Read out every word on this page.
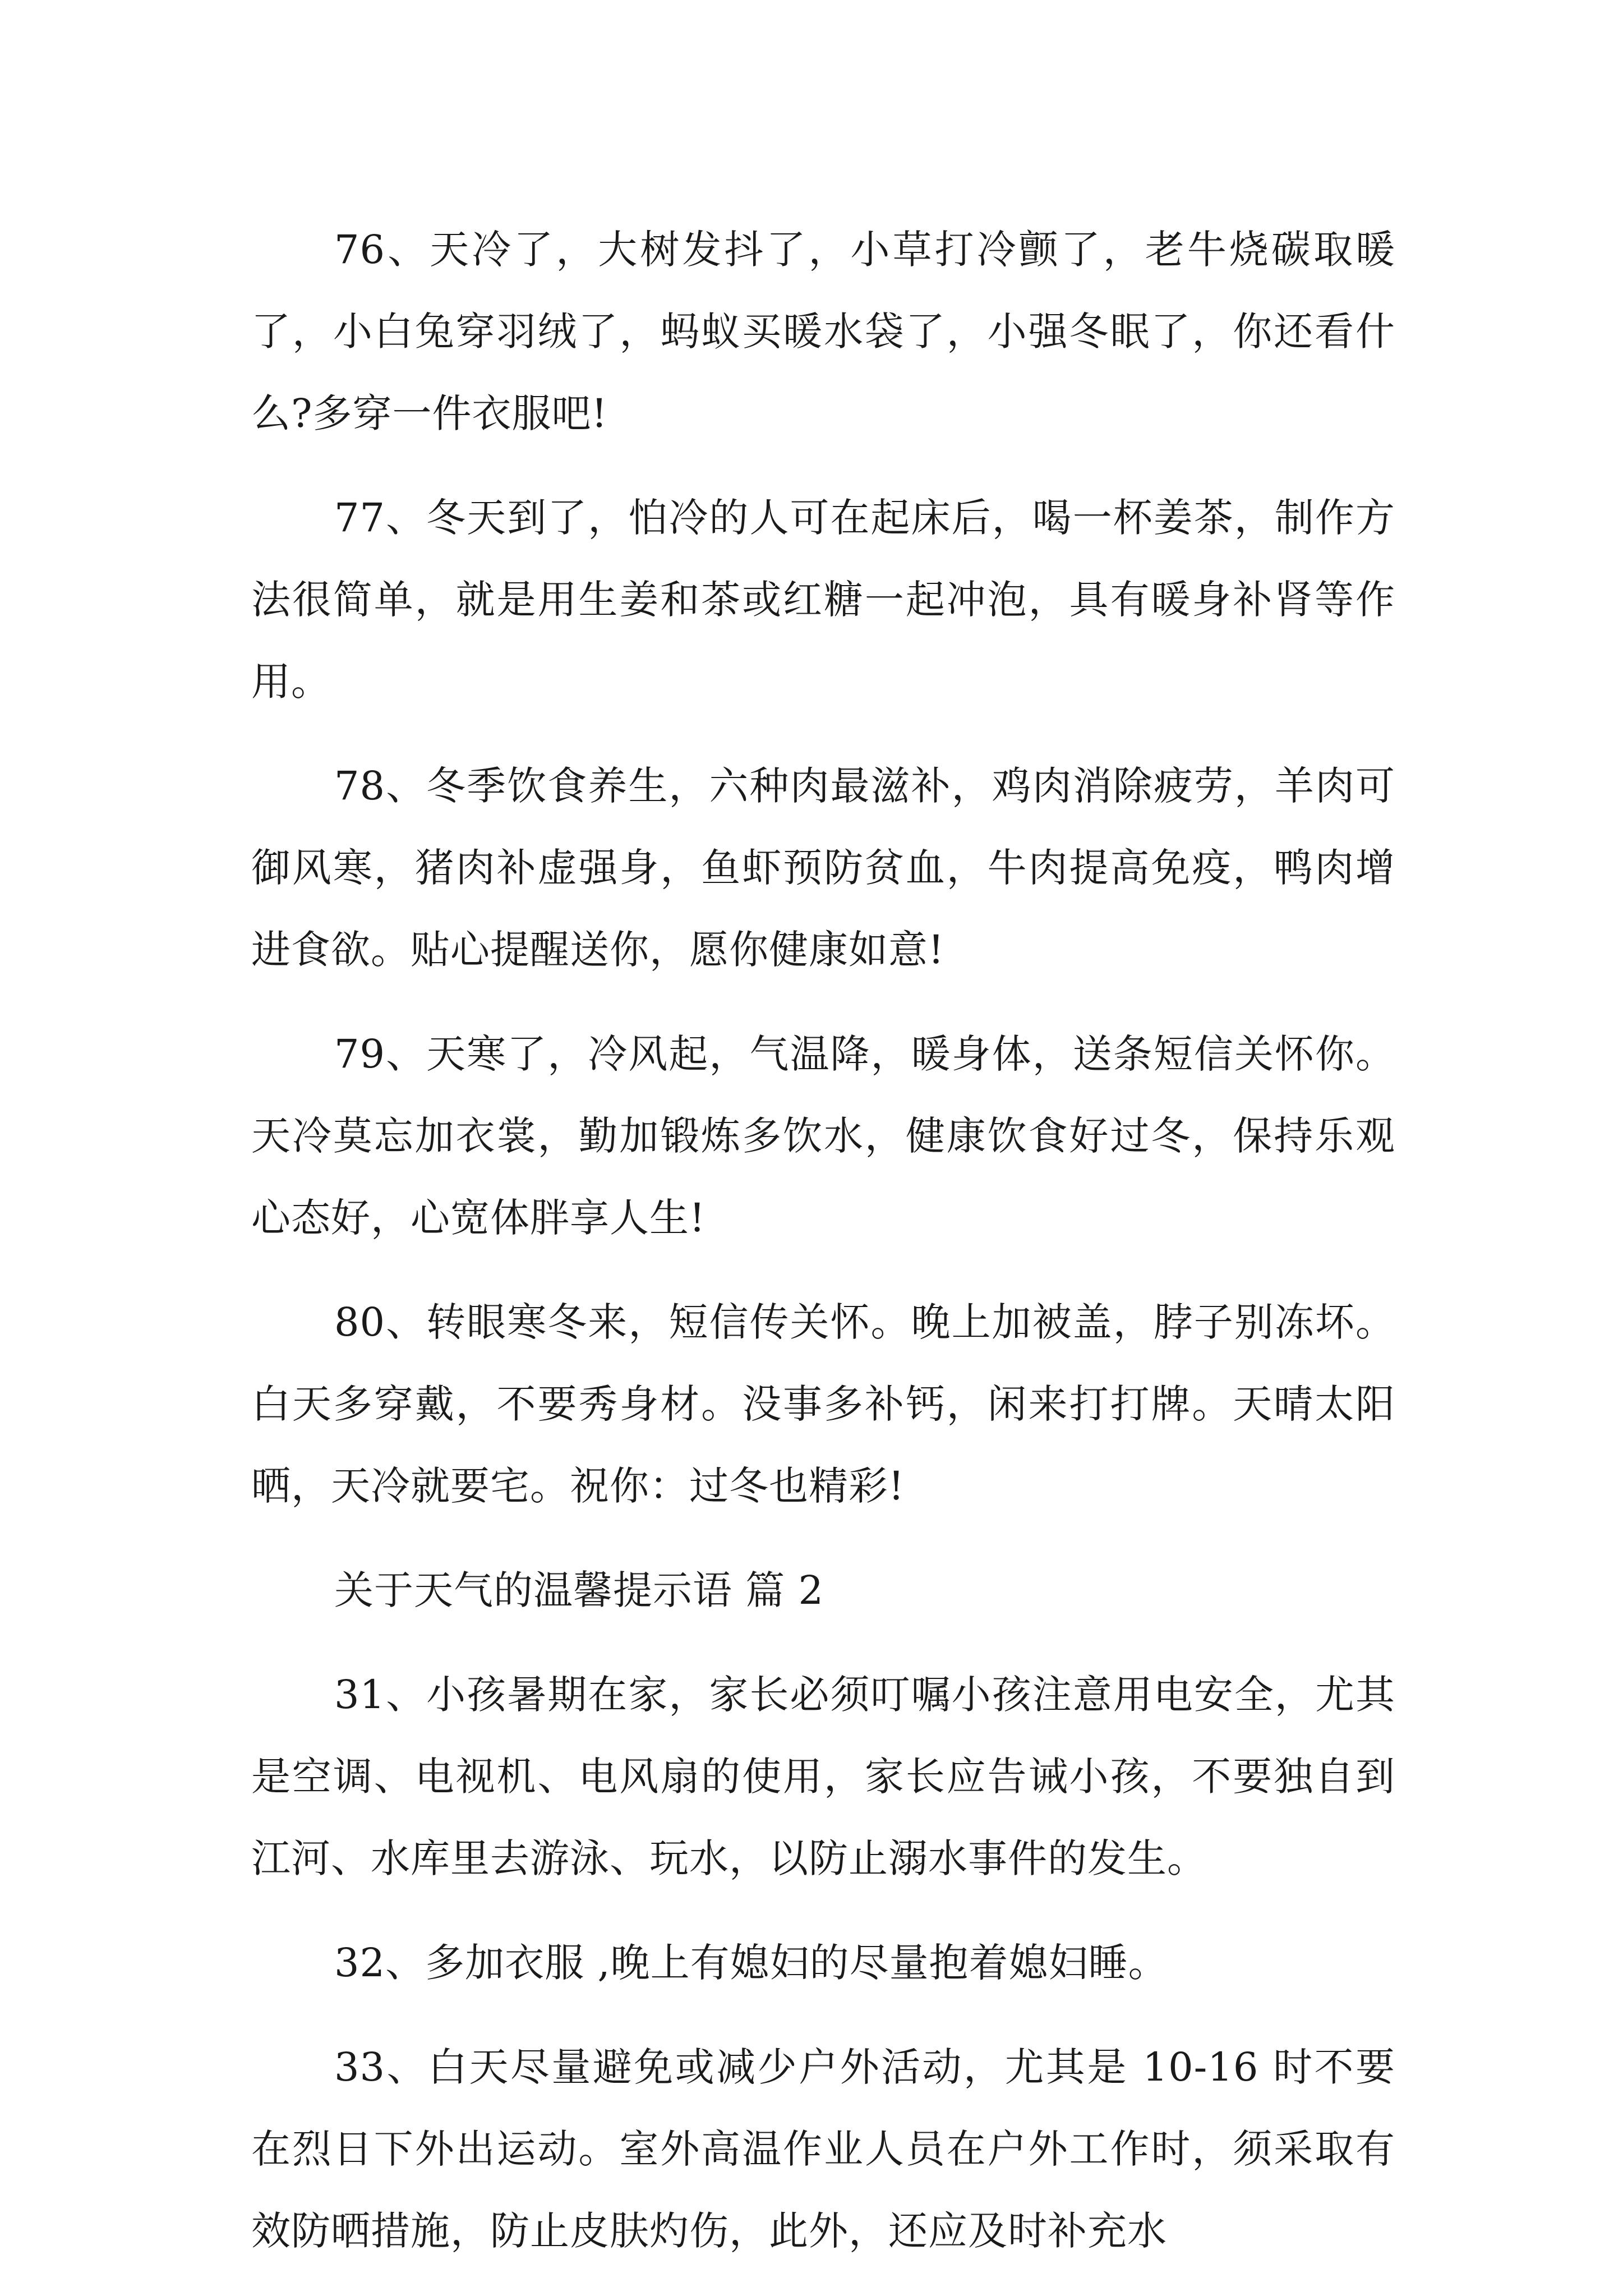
76、天冷了，大树发抖了，小草打冷颤了，老牛烧碳取暖了，小白兔穿羽绒了，蚂蚁买暖水袋了，小强冬眠了，你还看什么?多穿一件衣服吧!

77、冬天到了，怕冷的人可在起床后，喝一杯姜茶，制作方法很简单，就是用生姜和茶或红糖一起冲泡，具有暖身补肾等作用。

78、冬季饮食养生，六种肉最滋补，鸡肉消除疲劳，羊肉可御风寒，猪肉补虚强身，鱼虾预防贫血，牛肉提高免疫，鸭肉增进食欲。贴心提醒送你，愿你健康如意!

79、天寒了，冷风起，气温降，暖身体，送条短信关怀你。天冷莫忘加衣裳，勤加锻炼多饮水，健康饮食好过冬，保持乐观心态好，心宽体胖享人生!

80、转眼寒冬来，短信传关怀。晚上加被盖，脖子别冻坏。白天多穿戴，不要秀身材。没事多补钙，闲来打打牌。天晴太阳晒，天冷就要宅。祝你：过冬也精彩!

关于天气的温馨提示语 篇 2

31、小孩暑期在家，家长必须叮嘱小孩注意用电安全，尤其是空调、电视机、电风扇的使用，家长应告诫小孩，不要独自到江河、水库里去游泳、玩水，以防止溺水事件的发生。

32、多加衣服 ,晚上有媳妇的尽量抱着媳妇睡。

33、白天尽量避免或减少户外活动，尤其是 10-16 时不要在烈日下外出运动。室外高温作业人员在户外工作时，须采取有效防晒措施，防止皮肤灼伤，此外，还应及时补充水
